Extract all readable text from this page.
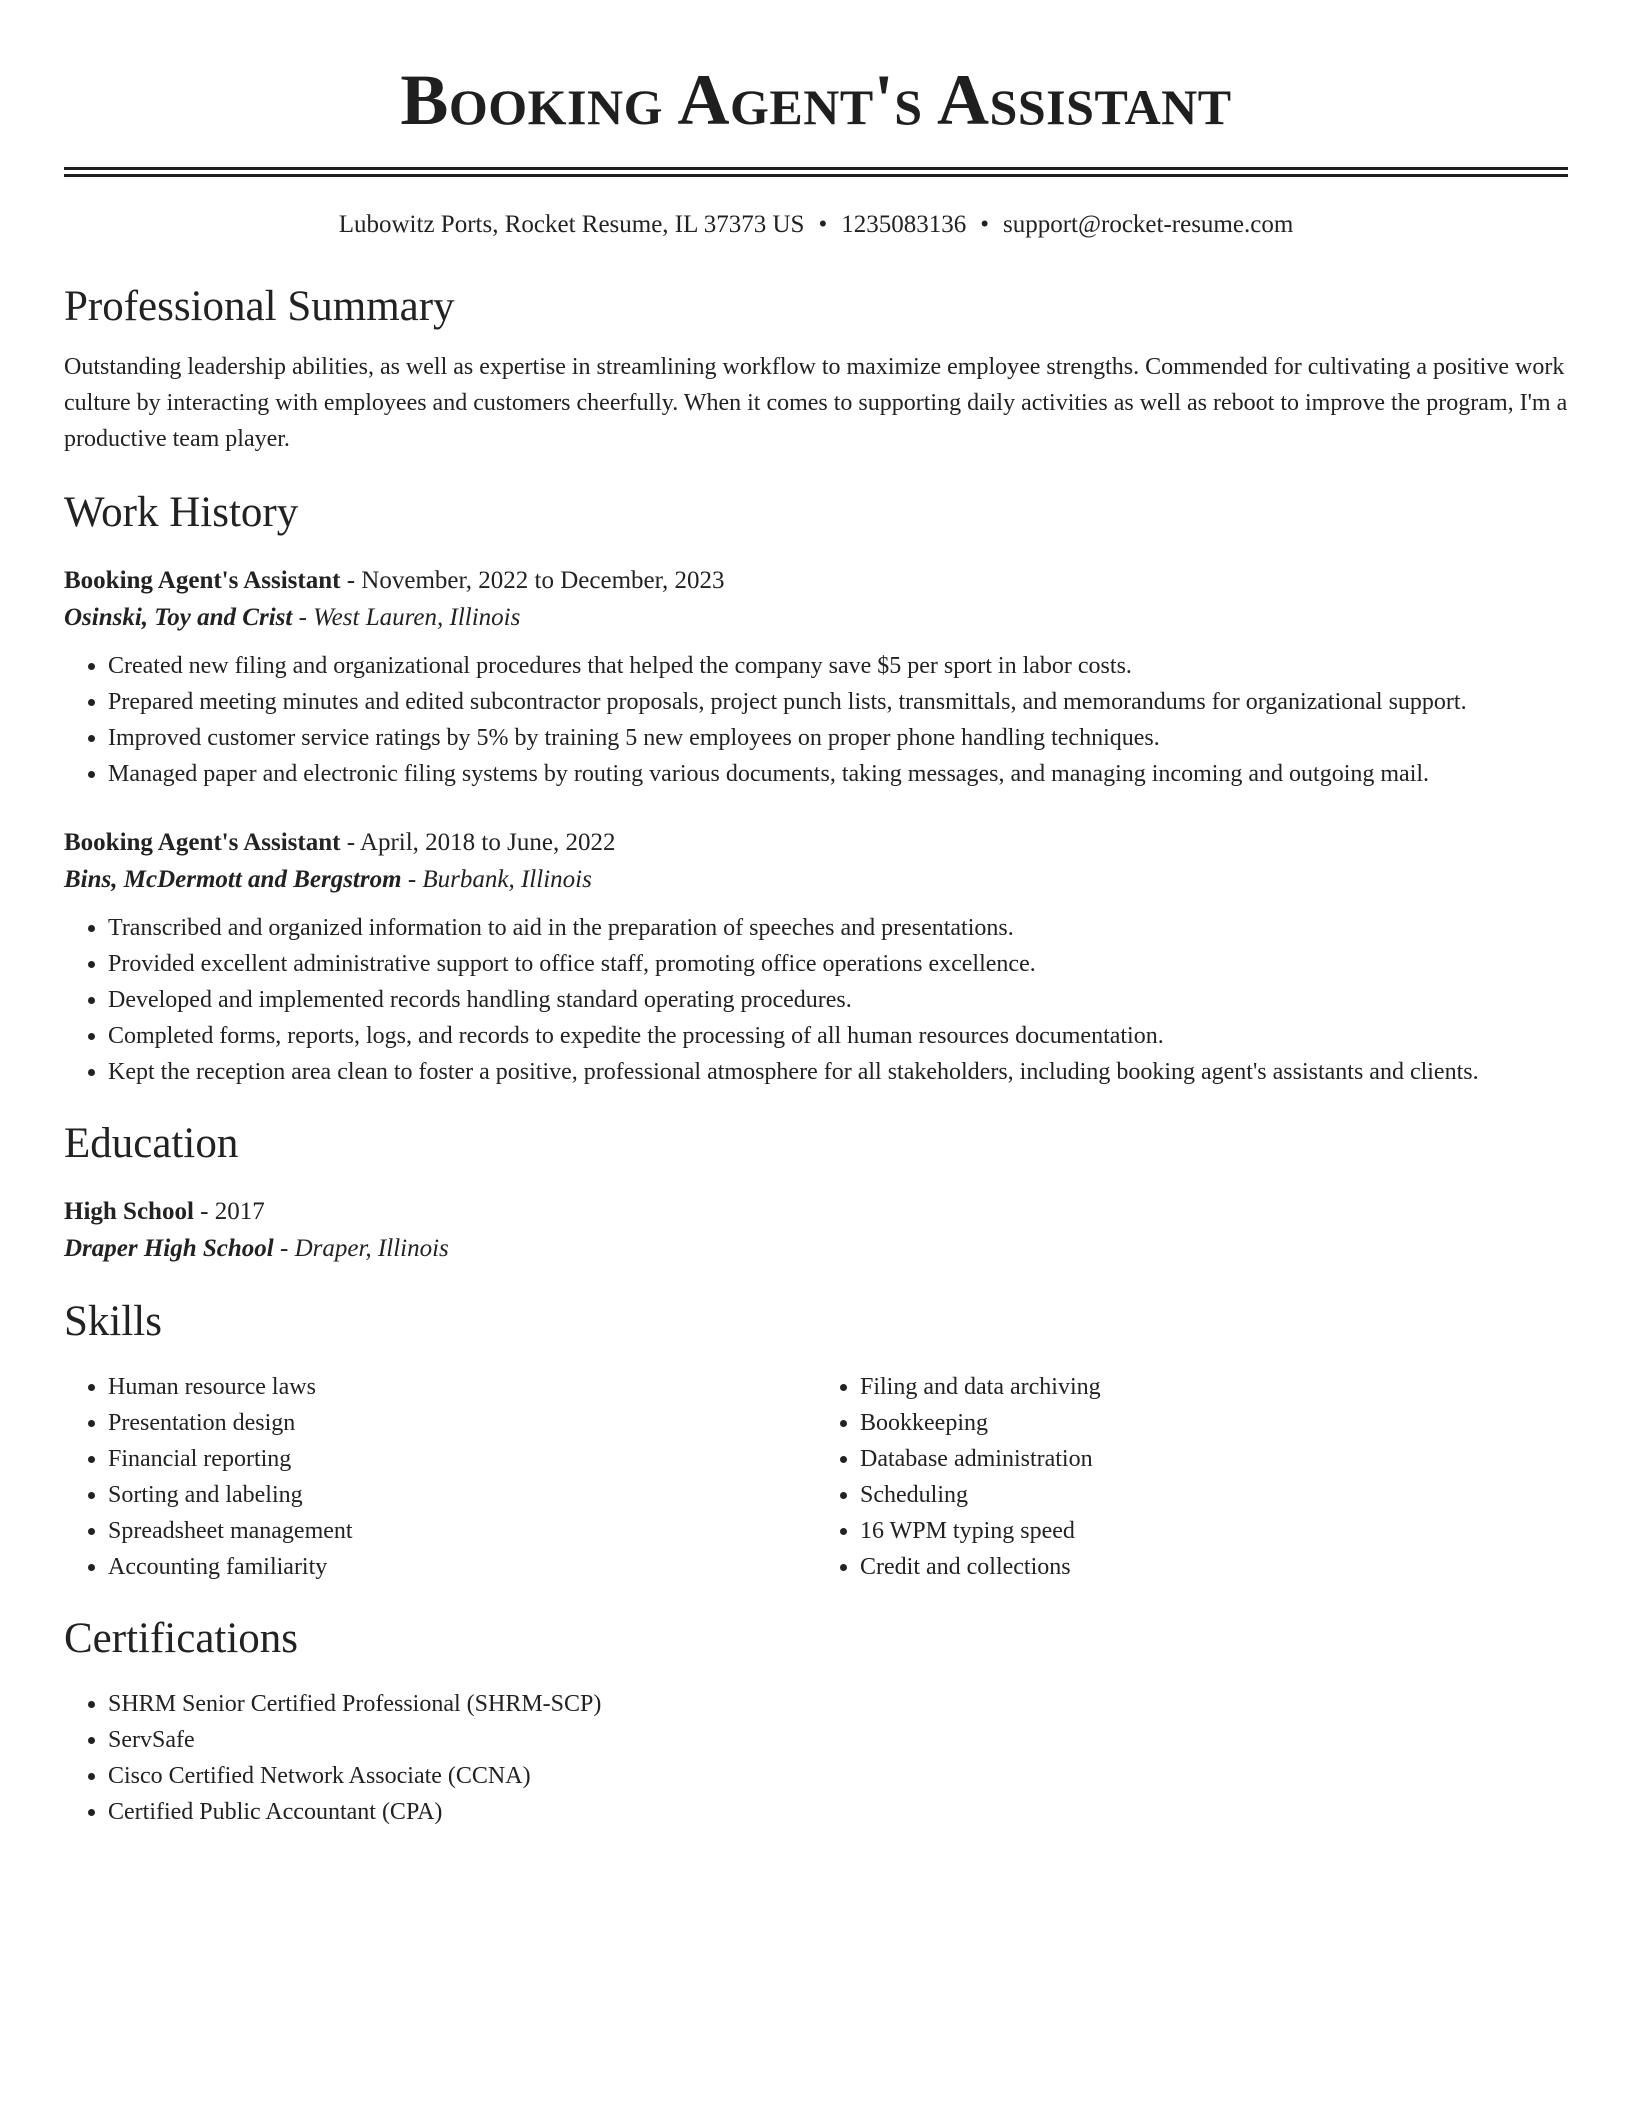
Booking Agent's Assistant
Lubowitz Ports, Rocket Resume, IL 37373 US • 1235083136 • support@rocket-resume.com
Professional Summary
Outstanding leadership abilities, as well as expertise in streamlining workflow to maximize employee strengths. Commended for cultivating a positive work culture by interacting with employees and customers cheerfully. When it comes to supporting daily activities as well as reboot to improve the program, I'm a productive team player.
Work History
Booking Agent's Assistant - November, 2022 to December, 2023
Osinski, Toy and Crist - West Lauren, Illinois
• Created new filing and organizational procedures that helped the company save $5 per sport in labor costs.
• Prepared meeting minutes and edited subcontractor proposals, project punch lists, transmittals, and memorandums for organizational support.
• Improved customer service ratings by 5% by training 5 new employees on proper phone handling techniques.
• Managed paper and electronic filing systems by routing various documents, taking messages, and managing incoming and outgoing mail.
Booking Agent's Assistant - April, 2018 to June, 2022
Bins, McDermott and Bergstrom - Burbank, Illinois
• Transcribed and organized information to aid in the preparation of speeches and presentations.
• Provided excellent administrative support to office staff, promoting office operations excellence.
• Developed and implemented records handling standard operating procedures.
• Completed forms, reports, logs, and records to expedite the processing of all human resources documentation.
• Kept the reception area clean to foster a positive, professional atmosphere for all stakeholders, including booking agent's assistants and clients.
Education
High School - 2017
Draper High School - Draper, Illinois
Skills
• Human resource laws
• Presentation design
• Financial reporting
• Sorting and labeling
• Spreadsheet management
• Accounting familiarity
• Filing and data archiving
• Bookkeeping
• Database administration
• Scheduling
• 16 WPM typing speed
• Credit and collections
Certifications
• SHRM Senior Certified Professional (SHRM-SCP)
• ServSafe
• Cisco Certified Network Associate (CCNA)
• Certified Public Accountant (CPA)
